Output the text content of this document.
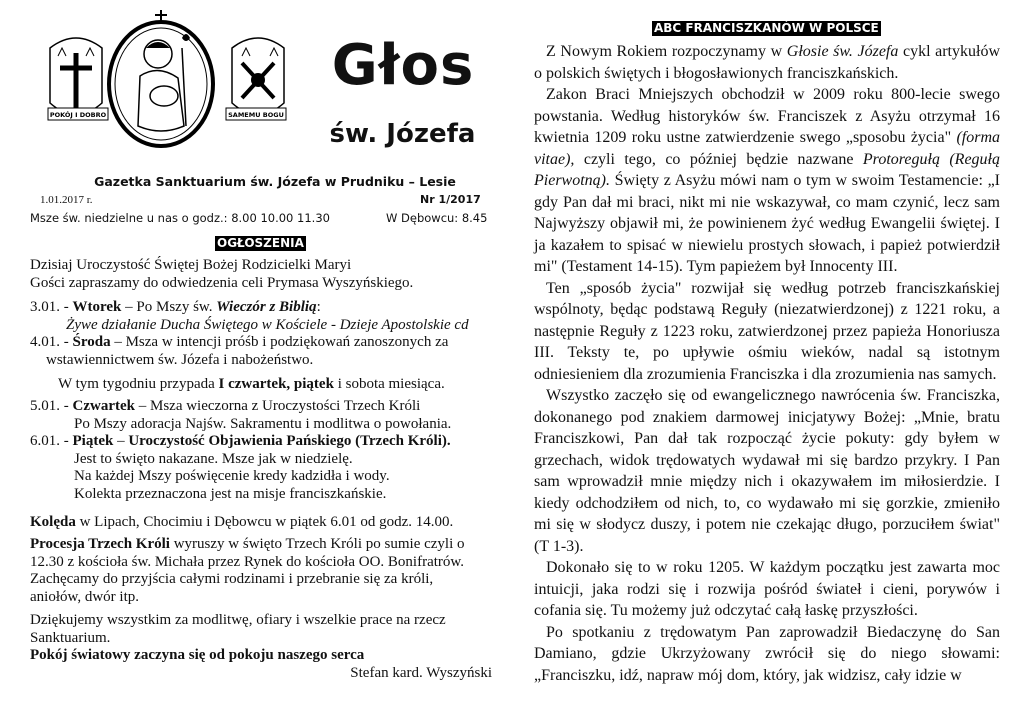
POKÓJ I DOBRO	SAMEMU BOGU
Głos
św. Józefa
Gazetka Sanktuarium św. Józefa w Prudniku – Lesie
1.01.2017 r.	Nr 1/2017
Msze św. niedzielne u nas o godz.: 8.00 10.00 11.30	W Dębowcu: 8.45
OGŁOSZENIA

Dzisiaj Uroczystość Świętej Bożej Rodzicielki Maryi

Gości zapraszamy do odwiedzenia celi Prymasa Wyszyńskiego.

3.01. - Wtorek – Po Mszy św. Wieczór z Biblią:

Żywe działanie Ducha Świętego w Kościele - Dzieje Apostolskie cd

4.01. - Środa – Msza w intencji próśb i podziękowań zanoszonych za

wstawiennictwem św. Józefa i nabożeństwo.

W tym tygodniu przypada I czwartek, piątek i sobota miesiąca.

5.01. - Czwartek – Msza wieczorna z Uroczystości Trzech Króli

Po Mszy adoracja Najśw. Sakramentu i modlitwa o powołania.

6.01. - Piątek – Uroczystość Objawienia Pańskiego (Trzech Króli).

Jest to święto nakazane. Msze jak w niedzielę.

Na każdej Mszy poświęcenie kredy kadzidła i wody.

Kolekta przeznaczona jest na misje franciszkańskie.

Kolęda w Lipach, Chocimiu i Dębowcu w piątek 6.01 od godz. 14.00.

Procesja Trzech Króli wyruszy w święto Trzech Króli po sumie czyli o

12.30 z kościoła św. Michała przez Rynek do kościoła OO. Bonifratrów.

Zachęcamy do przyjścia całymi rodzinami i przebranie się za króli,

aniołów, dwór itp.

Dziękujemy wszystkim za modlitwę, ofiary i wszelkie prace na rzecz

Sanktuarium.

Pokój światowy zaczyna się od pokoju naszego serca

Stefan kard. Wyszyński

ABC FRANCISZKANÓW W POLSCE

Z Nowym Rokiem rozpoczynamy w Głosie św. Józefa cykl artykułów o polskich świętych i błogosławionych franciszkańskich.

Zakon Braci Mniejszych obchodził w 2009 roku 800-lecie swego powstania. Według historyków św. Franciszek z Asyżu otrzymał 16 kwietnia 1209 roku ustne zatwierdzenie swego „sposobu życia" (forma vitae), czyli tego, co później będzie nazwane Protoregułą (Regułą Pierwotną). Święty z Asyżu mówi nam o tym w swoim Testamencie: „I gdy Pan dał mi braci, nikt mi nie wskazywał, co mam czynić, lecz sam Najwyższy objawił mi, że powinienem żyć według Ewangelii świętej. I ja kazałem to spisać w niewielu prostych słowach, i papież potwierdził mi" (Testament 14-15). Tym papieżem był Innocenty III.

Ten „sposób życia" rozwijał się według potrzeb franciszkańskiej wspólnoty, będąc podstawą Reguły (niezatwierdzonej) z 1221 roku, a następnie Reguły z 1223 roku, zatwierdzonej przez papieża Honoriusza III. Teksty te, po upływie ośmiu wieków, nadal są istotnym odniesieniem dla zrozumienia Franciszka i dla zrozumienia nas samych.

Wszystko zaczęło się od ewangelicznego nawrócenia św. Franciszka, dokonanego pod znakiem darmowej inicjatywy Bożej: „Mnie, bratu Franciszkowi, Pan dał tak rozpocząć życie pokuty: gdy byłem w grzechach, widok trędowatych wydawał mi się bardzo przykry. I Pan sam wprowadził mnie między nich i okazywałem im miłosierdzie. I kiedy odchodziłem od nich, to, co wydawało mi się gorzkie, zmieniło mi się w słodycz duszy, i potem nie czekając długo, porzuciłem świat" (T 1-3).

Dokonało się to w roku 1205. W każdym początku jest zawarta moc intuicji, jaka rodzi się i rozwija pośród świateł i cieni, porywów i cofania się. Tu możemy już odczytać całą łaskę przyszłości.

Po spotkaniu z trędowatym Pan zaprowadził Biedaczynę do San Damiano, gdzie Ukrzyżowany zwrócił się do niego słowami: „Franciszku, idź, napraw mój dom, który, jak widzisz, cały idzie w
